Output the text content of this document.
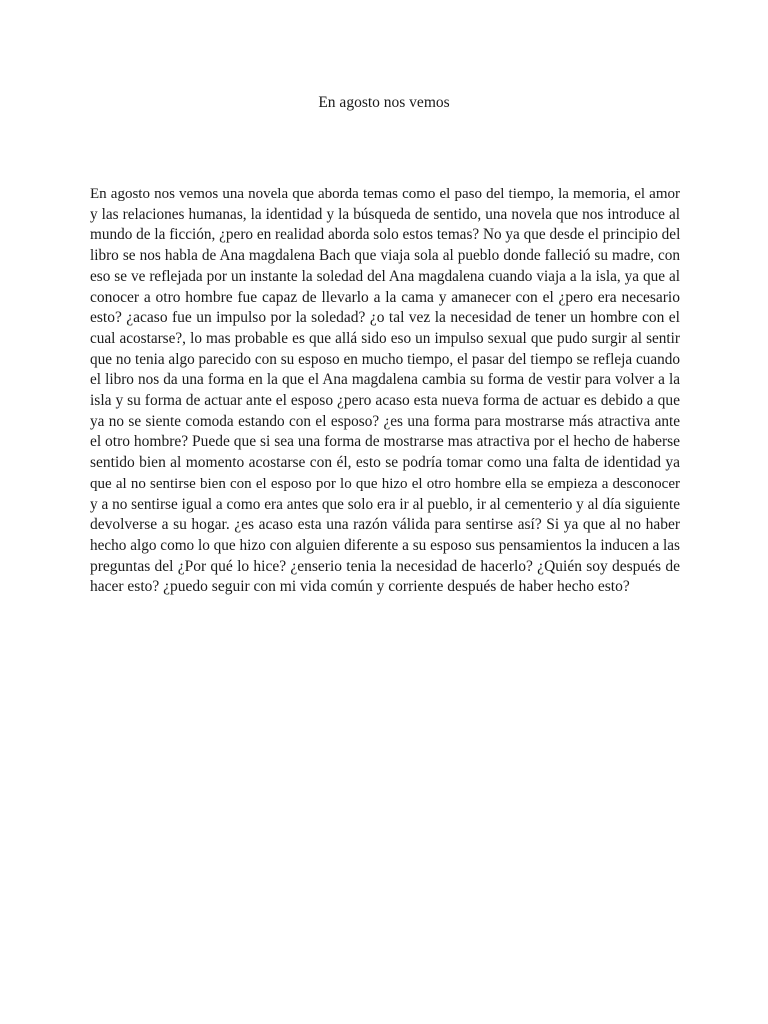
En agosto nos vemos
En agosto nos vemos una novela que aborda temas como el paso del tiempo, la memoria, el amor
y las relaciones humanas, la identidad y la búsqueda de sentido, una novela que nos introduce al
mundo de la ficción, ¿pero en realidad aborda solo estos temas? No ya que desde el principio del
libro se nos habla de Ana magdalena Bach que viaja sola al pueblo donde falleció su madre, con
eso se ve reflejada por un instante la soledad del Ana magdalena cuando viaja a la isla, ya que al
conocer a otro hombre fue capaz de llevarlo a la cama y amanecer con el ¿pero era necesario
esto? ¿acaso fue un impulso por la soledad? ¿o tal vez la necesidad de tener un hombre con el
cual acostarse?, lo mas probable es que allá sido eso un impulso sexual que pudo surgir al sentir
que no tenia algo parecido con su esposo en mucho tiempo, el pasar del tiempo se refleja cuando
el libro nos da una forma en la que el Ana magdalena cambia su forma de vestir para volver a la
isla y su forma de actuar ante el esposo ¿pero acaso esta nueva forma de actuar es debido a que
ya no se siente comoda estando con el esposo? ¿es una forma para mostrarse más atractiva ante
el otro hombre? Puede que si sea una forma de mostrarse mas atractiva por el hecho de haberse
sentido bien al momento acostarse con él, esto se podría tomar como una falta de identidad ya
que al no sentirse bien con el esposo por lo que hizo el otro hombre ella se empieza a desconocer
y a no sentirse igual a como era antes que solo era ir al pueblo, ir al cementerio y al día siguiente
devolverse a su hogar. ¿es acaso esta una razón válida para sentirse así? Si ya que al no haber
hecho algo como lo que hizo con alguien diferente a su esposo sus pensamientos la inducen a las
preguntas del ¿Por qué lo hice? ¿enserio tenia la necesidad de hacerlo? ¿Quién soy después de
hacer esto? ¿puedo seguir con mi vida común y corriente después de haber hecho esto?
